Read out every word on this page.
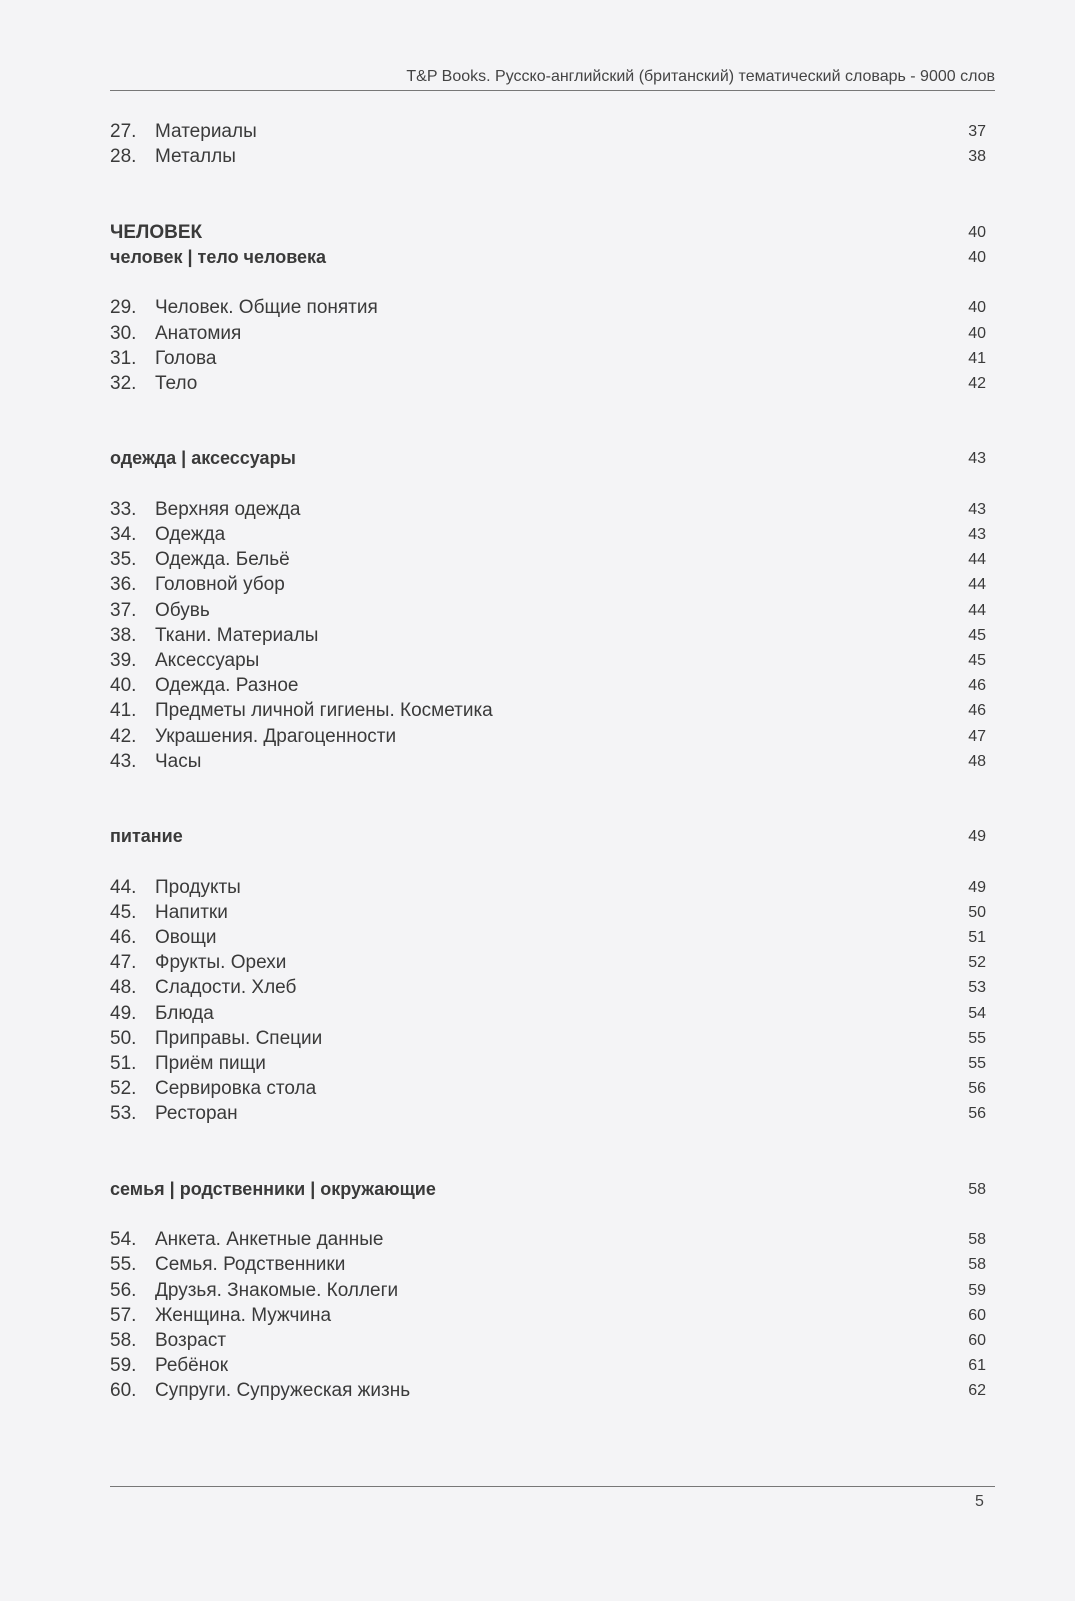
T&P Books. Русско-английский (британский) тематический словарь - 9000 слов
27. Материалы	37
28. Металлы	38
ЧЕЛОВЕК	40
человек | тело человека	40
29. Человек. Общие понятия	40
30. Анатомия	40
31. Голова	41
32. Тело	42
одежда | аксессуары	43
33. Верхняя одежда	43
34. Одежда	43
35. Одежда. Бельё	44
36. Головной убор	44
37. Обувь	44
38. Ткани. Материалы	45
39. Аксессуары	45
40. Одежда. Разное	46
41. Предметы личной гигиены. Косметика	46
42. Украшения. Драгоценности	47
43. Часы	48
питание	49
44. Продукты	49
45. Напитки	50
46. Овощи	51
47. Фрукты. Орехи	52
48. Сладости. Хлеб	53
49. Блюда	54
50. Приправы. Специи	55
51. Приём пищи	55
52. Сервировка стола	56
53. Ресторан	56
семья | родственники | окружающие	58
54. Анкета. Анкетные данные	58
55. Семья. Родственники	58
56. Друзья. Знакомые. Коллеги	59
57. Женщина. Мужчина	60
58. Возраст	60
59. Ребёнок	61
60. Супруги. Супружеская жизнь	62
5
